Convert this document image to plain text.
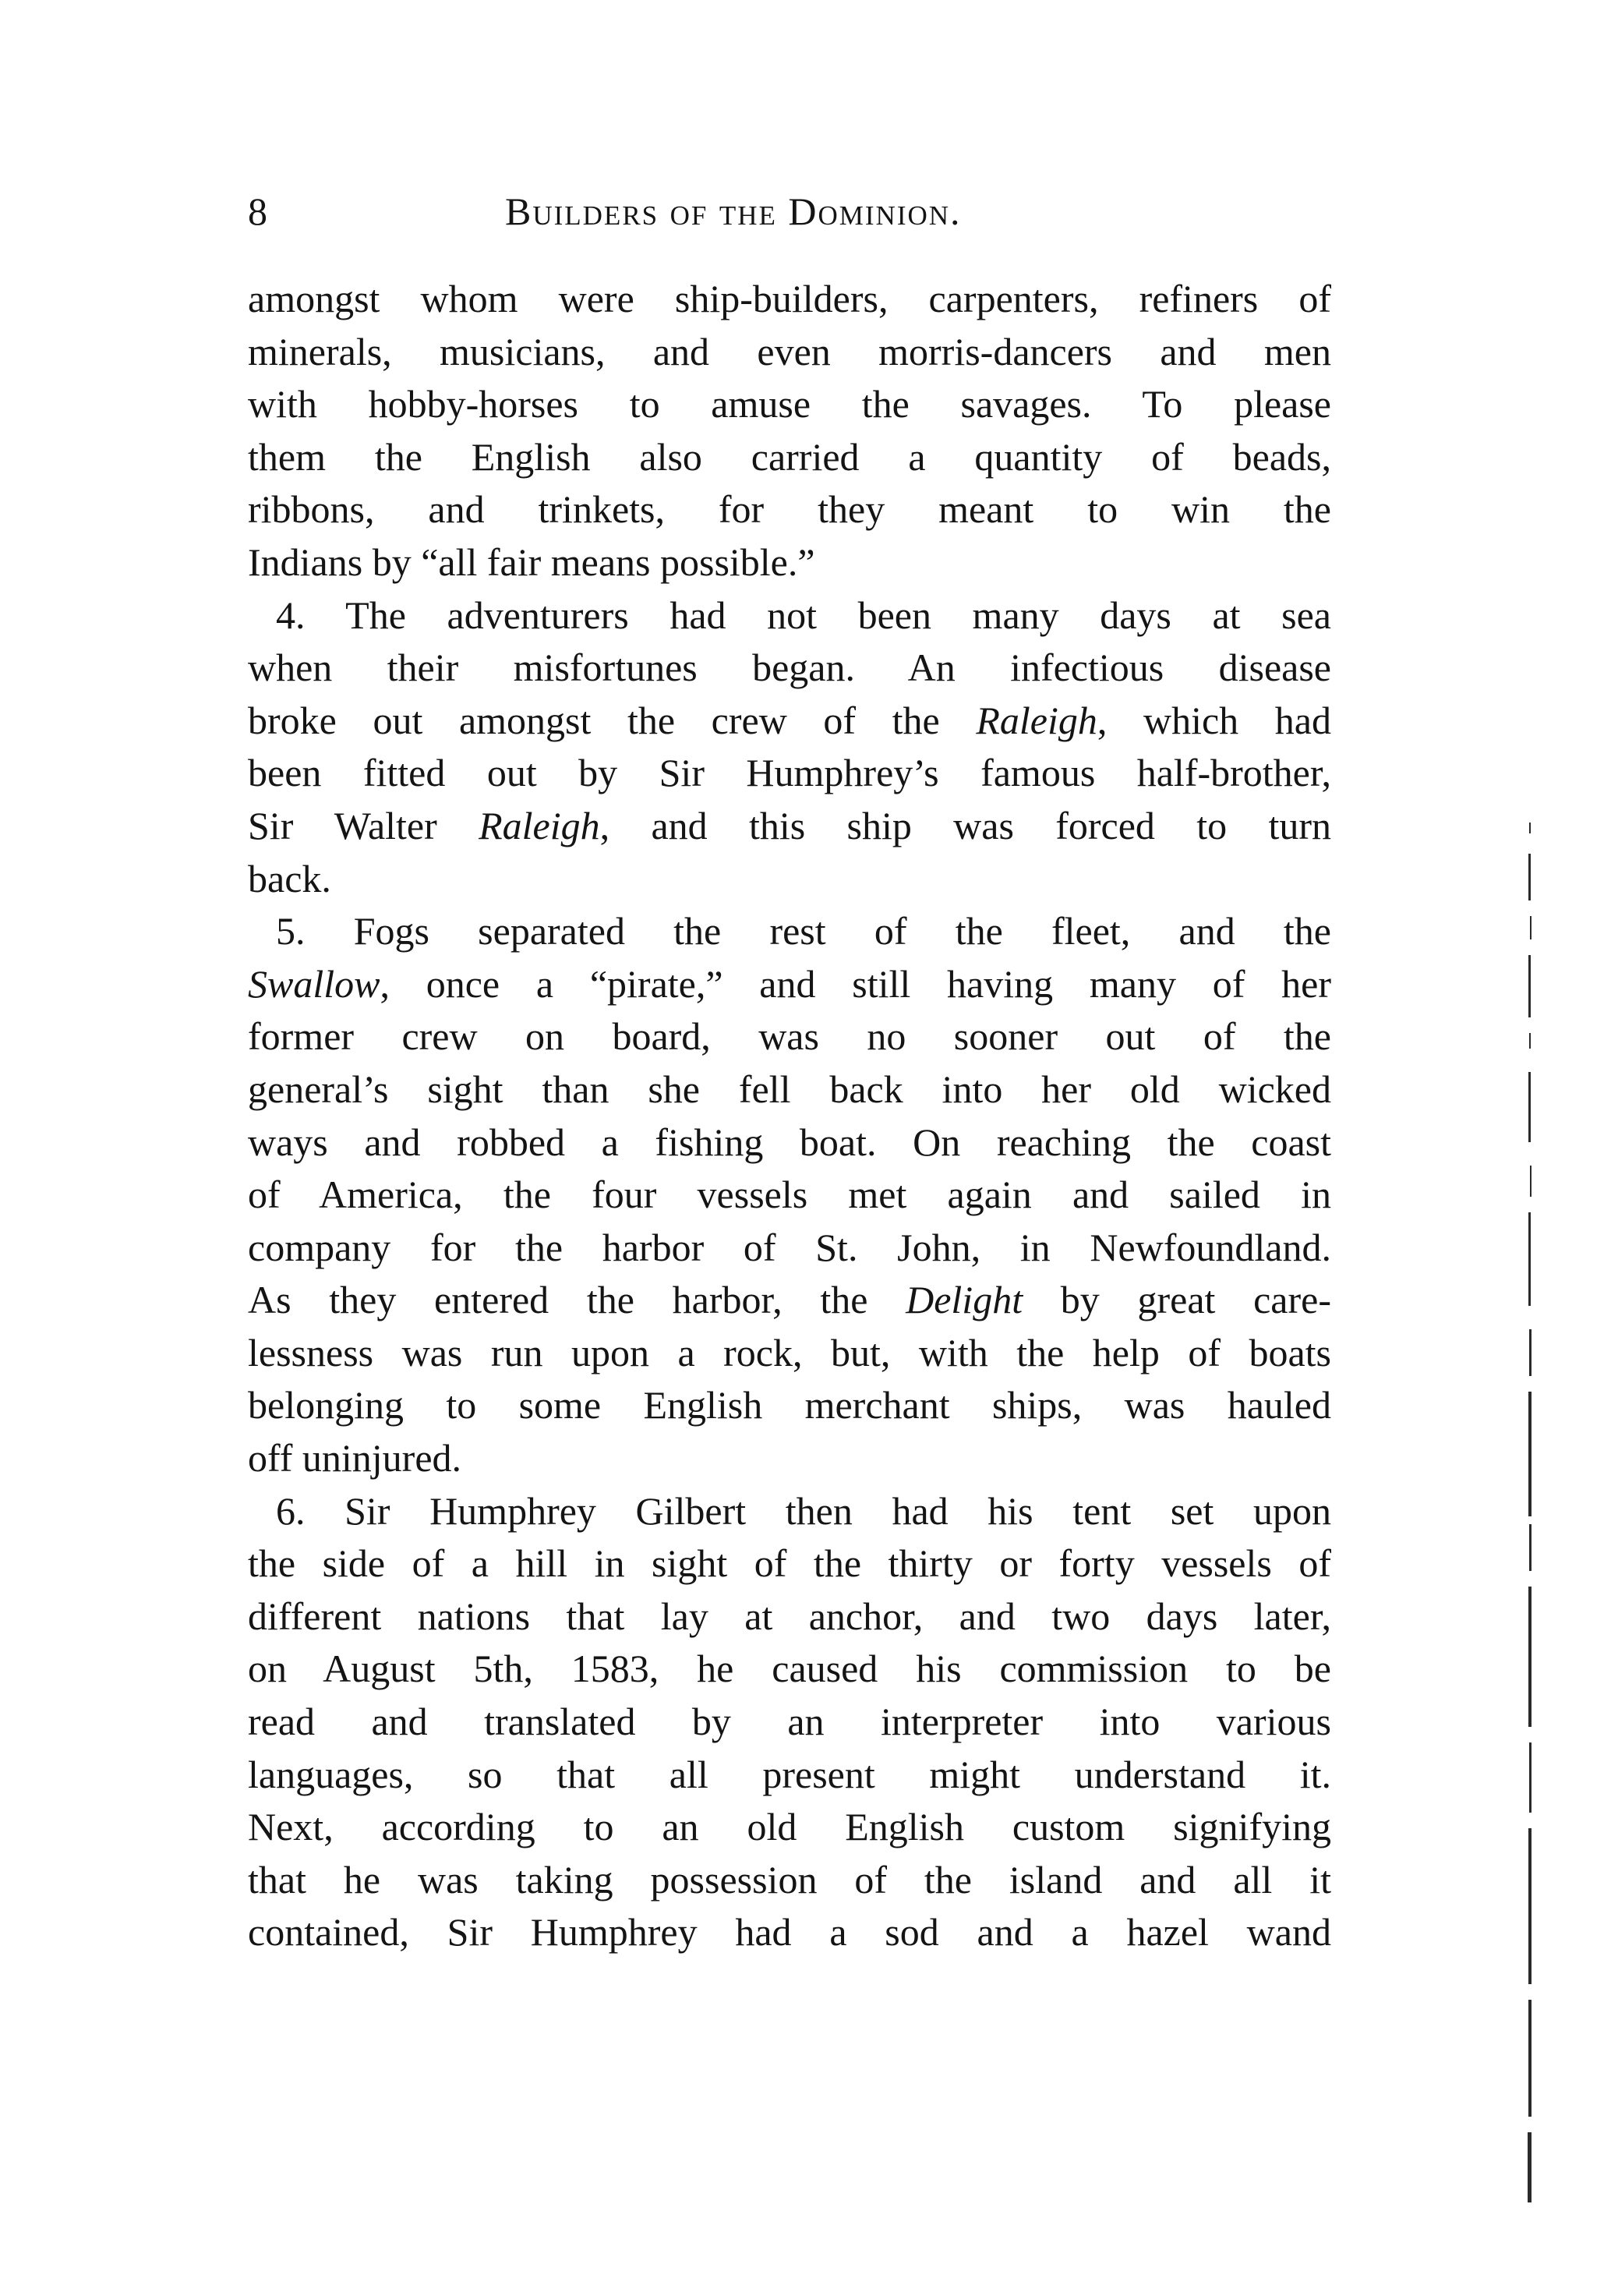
8	Builders of the Dominion.
amongst whom were ship-builders, carpenters, refiners of
minerals, musicians, and even morris-dancers and men
with hobby-horses to amuse the savages. To please
them the English also carried a quantity of beads,
ribbons, and trinkets, for they meant to win the
Indians by “all fair means possible.”
4. The adventurers had not been many days at sea
when their misfortunes began. An infectious disease
broke out amongst the crew of the Raleigh, which had
been fitted out by Sir Humphrey’s famous half-brother,
Sir Walter Raleigh, and this ship was forced to turn
back.
5. Fogs separated the rest of the fleet, and the
Swallow, once a “pirate,” and still having many of her
former crew on board, was no sooner out of the
general’s sight than she fell back into her old wicked
ways and robbed a fishing boat. On reaching the coast
of America, the four vessels met again and sailed in
company for the harbor of St. John, in Newfoundland.
As they entered the harbor, the Delight by great care-
lessness was run upon a rock, but, with the help of boats
belonging to some English merchant ships, was hauled
off uninjured.
6. Sir Humphrey Gilbert then had his tent set upon
the side of a hill in sight of the thirty or forty vessels of
different nations that lay at anchor, and two days later,
on August 5th, 1583, he caused his commission to be
read and translated by an interpreter into various
languages, so that all present might understand it.
Next, according to an old English custom signifying
that he was taking possession of the island and all it
contained, Sir Humphrey had a sod and a hazel wand
